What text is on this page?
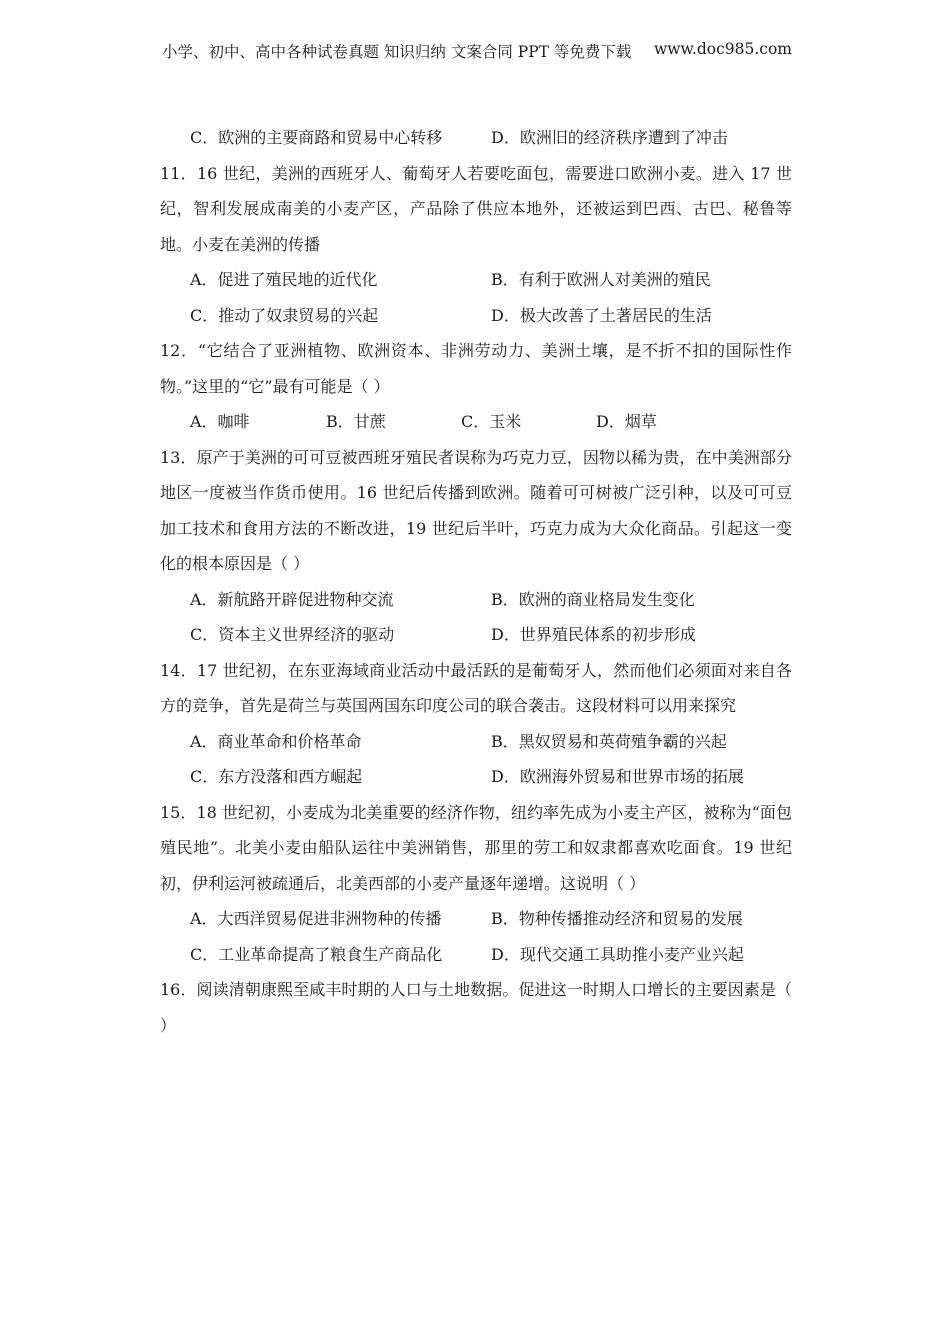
小学、初中、高中各种试卷真题 知识归纳 文案合同 PPT 等免费下载 www.doc985.com
C．欧洲的主要商路和贸易中心转移	D．欧洲旧的经济秩序遭到了冲击
11．16 世纪，美洲的西班牙人、葡萄牙人若要吃面包，需要进口欧洲小麦。进入 17 世纪，智利发展成南美的小麦产区，产品除了供应本地外，还被运到巴西、古巴、秘鲁等地。小麦在美洲的传播
A．促进了殖民地的近代化	B．有利于欧洲人对美洲的殖民
C．推动了奴隶贸易的兴起	D．极大改善了土著居民的生活
12．“它结合了亚洲植物、欧洲资本、非洲劳动力、美洲土壤，是不折不扣的国际性作物。”这里的“它”最有可能是（ ）
A．咖啡	B．甘蔗	C．玉米	D．烟草
13．原产于美洲的可可豆被西班牙殖民者误称为巧克力豆，因物以稀为贵，在中美洲部分地区一度被当作货币使用。16 世纪后传播到欧洲。随着可可树被广泛引种，以及可可豆加工技术和食用方法的不断改进，19 世纪后半叶，巧克力成为大众化商品。引起这一变化的根本原因是（ ）
A．新航路开辟促进物种交流	B．欧洲的商业格局发生变化
C．资本主义世界经济的驱动	D．世界殖民体系的初步形成
14．17 世纪初，在东亚海域商业活动中最活跃的是葡萄牙人，然而他们必须面对来自各方的竞争，首先是荷兰与英国两国东印度公司的联合袭击。这段材料可以用来探究
A．商业革命和价格革命	B．黑奴贸易和英荷殖争霸的兴起
C．东方没落和西方崛起	D．欧洲海外贸易和世界市场的拓展
15．18 世纪初，小麦成为北美重要的经济作物，纽约率先成为小麦主产区，被称为“面包殖民地”。北美小麦由船队运往中美洲销售，那里的劳工和奴隶都喜欢吃面食。19 世纪初，伊利运河被疏通后，北美西部的小麦产量逐年递增。这说明（ ）
A．大西洋贸易促进非洲物种的传播	B．物种传播推动经济和贸易的发展
C．工业革命提高了粮食生产商品化	D．现代交通工具助推小麦产业兴起
16．阅读清朝康熙至咸丰时期的人口与土地数据。促进这一时期人口增长的主要因素是（ ）
